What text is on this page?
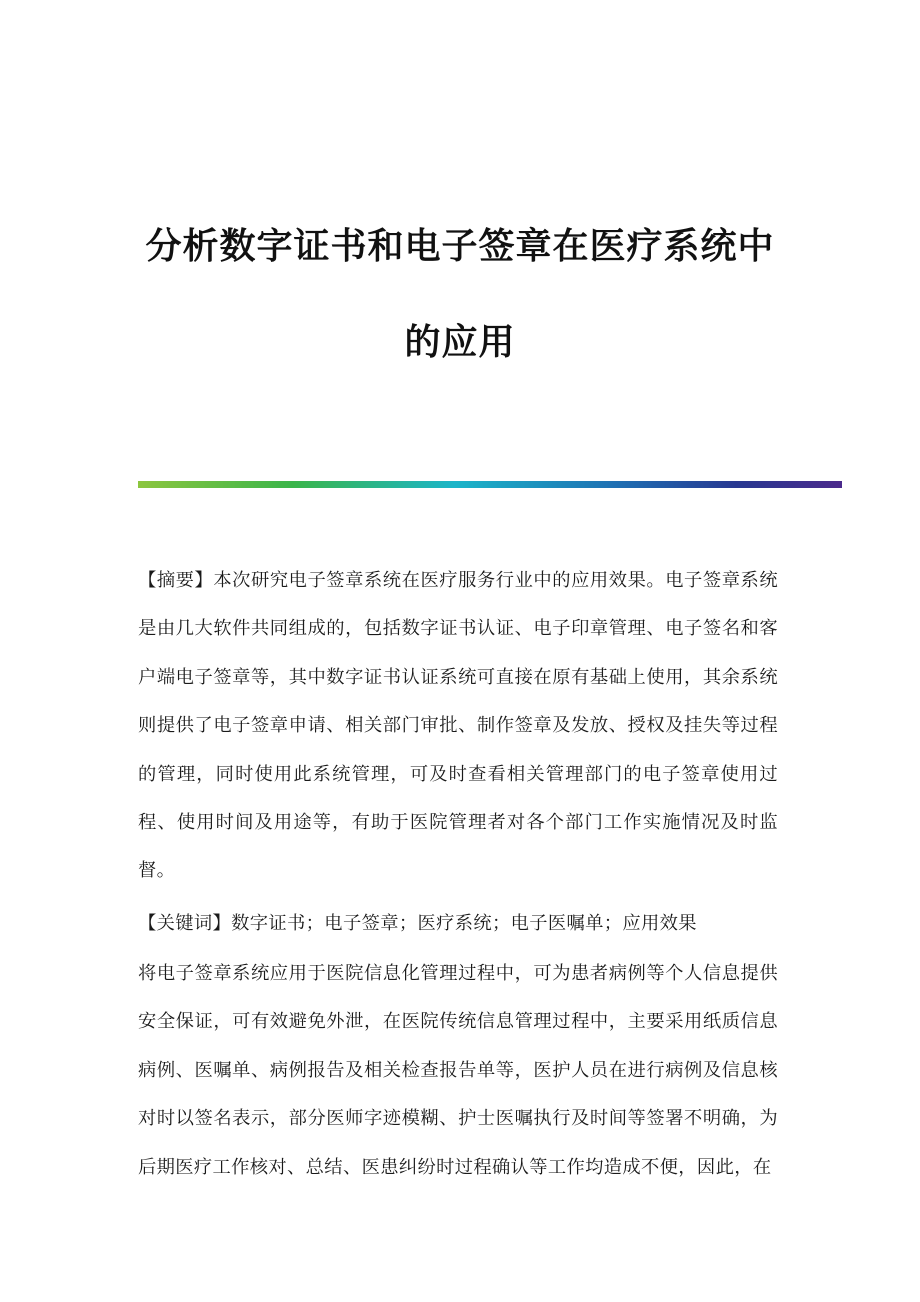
分析数字证书和电子签章在医疗系统中
的应用
【摘要】本次研究电子签章系统在医疗服务行业中的应用效果。电子签章系统是由几大软件共同组成的，包括数字证书认证、电子印章管理、电子签名和客户端电子签章等，其中数字证书认证系统可直接在原有基础上使用，其余系统则提供了电子签章申请、相关部门审批、制作签章及发放、授权及挂失等过程的管理，同时使用此系统管理，可及时查看相关管理部门的电子签章使用过程、使用时间及用途等，有助于医院管理者对各个部门工作实施情况及时监督。
【关键词】数字证书；电子签章；医疗系统；电子医嘱单；应用效果
将电子签章系统应用于医院信息化管理过程中，可为患者病例等个人信息提供安全保证，可有效避免外泄，在医院传统信息管理过程中，主要采用纸质信息病例、医嘱单、病例报告及相关检查报告单等，医护人员在进行病例及信息核对时以签名表示，部分医师字迹模糊、护士医嘱执行及时间等签署不明确，为后期医疗工作核对、总结、医患纠纷时过程确认等工作均造成不便，因此，在
